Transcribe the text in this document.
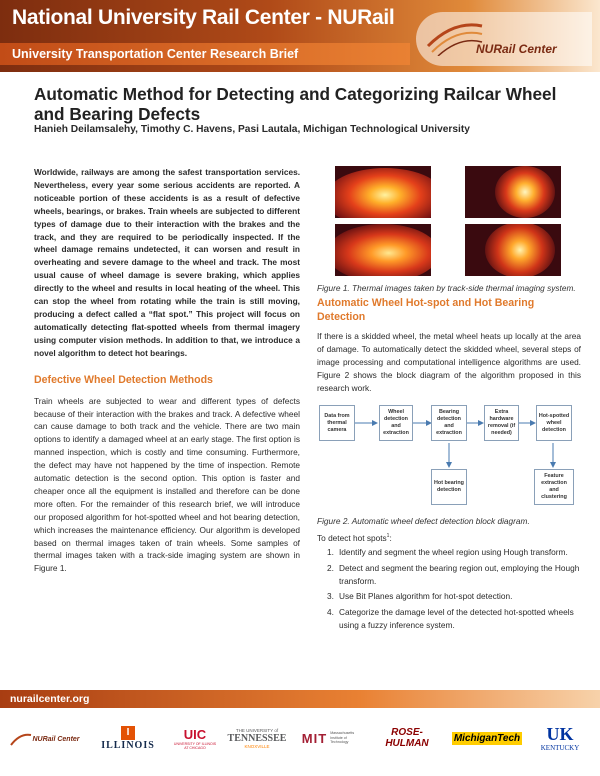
National University Rail Center - NURail
University Transportation Center Research Brief	NURail Center
Automatic Method for Detecting and Categorizing Railcar Wheel and Bearing Defects
Hanieh Deilamsalehy, Timothy C. Havens, Pasi Lautala, Michigan Technological University

Worldwide, railways are among the safest transportation services. Nevertheless, every year some serious accidents are reported. A noticeable portion of these accidents is as a result of defective wheels, bearings, or brakes. Train wheels are subjected to different types of damage due to their interaction with the brakes and the track, and they are required to be periodically inspected. If the wheel damage remains undetected, it can worsen and result in overheating and severe damage to the wheel and track. The most usual cause of wheel damage is severe braking, which applies directly to the wheel and results in local heating of the wheel. This can stop the wheel from rotating while the train is still moving, producing a defect called a “flat spot.” This project will focus on automatically detecting flat-spotted wheels from thermal imagery using computer vision methods. In addition to that, we introduce a novel algorithm to detect hot bearings.

Defective Wheel Detection Methods

Train wheels are subjected to wear and different types of defects because of their interaction with the brakes and track. A defective wheel can cause damage to both track and the vehicle. There are two main options to identify a damaged wheel at an early stage. The first option is manned inspection, which is costly and time consuming. Furthermore, the defect may have not happened by the time of inspection. Remote automatic detection is the second option. This option is faster and cheaper once all the equipment is installed and therefore can be done more often. For the remainder of this research brief, we will introduce our proposed algorithm for hot-spotted wheel and hot bearing detection, which increases the maintenance efficiency. Our algorithm is developed based on thermal images taken of train wheels. Some samples of thermal images taken with a track-side imaging system are shown in Figure 1.

Figure 1. Thermal images taken by track-side thermal imaging system.

Automatic Wheel Hot-spot and Hot Bearing Detection

If there is a skidded wheel, the metal wheel heats up locally at the area of damage. To automatically detect the skidded wheel, several steps of image processing and computational intelligence algorithms are used. Figure 2 shows the block diagram of the algorithm proposed in this research work.

Data from thermal camera
Wheel detection and extraction
Bearing detection and extraction
Extra hardware removal (if needed)
Hot-spotted wheel detection
Hot bearing detection
Feature extraction and clustering

Figure 2. Automatic wheel defect detection block diagram.

To detect hot spots$^1$:

1. Identify and segment the wheel region using Hough transform.
2. Detect and segment the bearing region out, employing the Hough transform.
3. Use Bit Planes algorithm for hot-spot detection.
4. Categorize the damage level of the detected hot-spotted wheels using a fuzzy inference system.
nurailcenter.org
NURail Center
I
ILLINOIS
UIC
UNIVERSITY OF ILLINOIS AT CHICAGO
THE UNIVERSITY of
TENNESSEE
KNOXVILLE
MIT Massachusetts Institute of Technology
ROSE-HULMAN	MichiganTech UK
KENTUCKY
